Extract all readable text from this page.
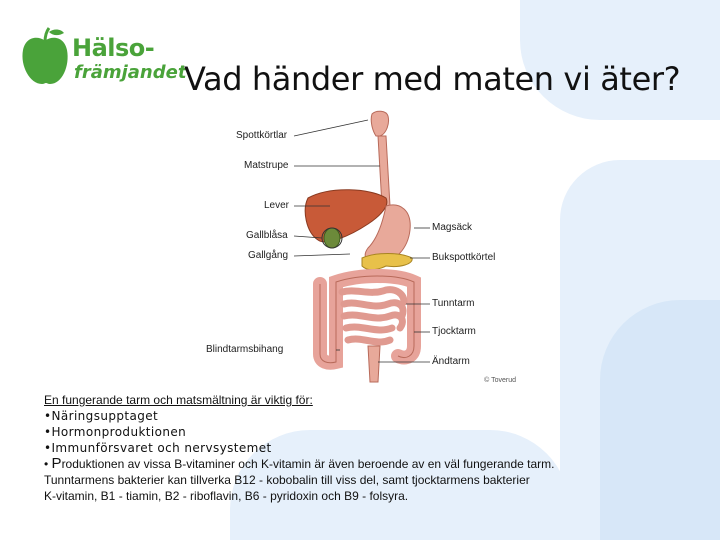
Hälso-
främjandet
Vad händer med maten vi äter?
Spottkörtlar
Matstrupe
Lever
Gallblåsa
Gallgång
Blindtarmsbihang
Magsäck
Bukspottkörtel
Tunntarm
Tjocktarm
Ändtarm
© Toverud
En fungerande tarm och matsmältning är viktig för:
•Näringsupptaget
•Hormonproduktionen
•Immunförsvaret och nervsystemet
• Produktionen av vissa B-vitaminer och K-vitamin är även beroende av en väl fungerande tarm.
Tunntarmens bakterier kan tillverka B12 - kobobalin till viss del, samt tjocktarmens bakterier
K-vitamin, B1 - tiamin, B2 - riboflavin, B6 - pyridoxin och B9 - folsyra.
